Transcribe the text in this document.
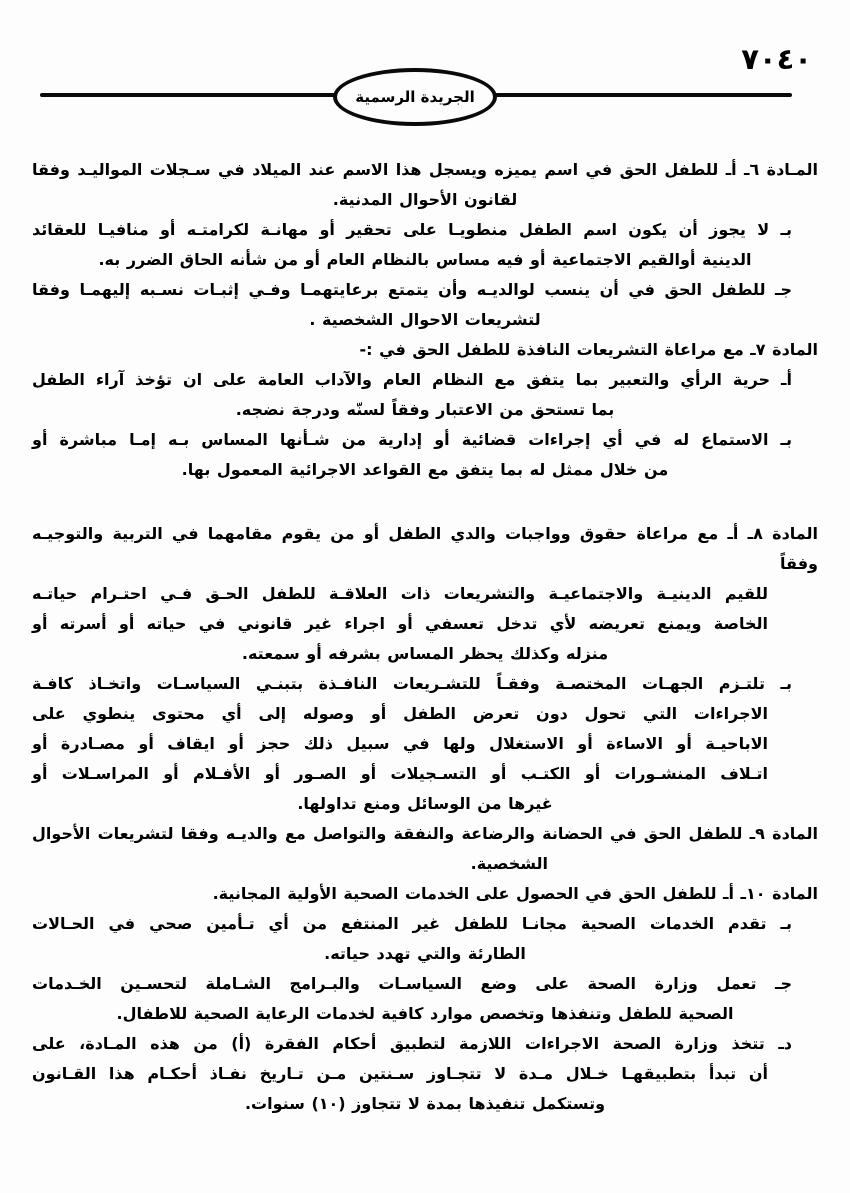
٧٠٤٠
الجريدة الرسمية
المـادة ٦ـ أـ للطفل الحق في اسم يميزه ويسجل هذا الاسم عند الميلاد في سـجلات المواليـد وفقا
لقانون الأحوال المدنية.
بـ لا يجوز أن يكون اسم الطفل منطويـا على تحقير أو مهانـة لكرامتـه أو منافيـا للعقائد
الدينية أوالقيم الاجتماعية أو فيه مساس بالنظام العام أو من شأنه الحاق الضرر به.
جـ للطفل الحق في أن ينسب لوالديـه وأن يتمتع برعايتهمـا وفـي إثبـات نسـبه إليهمـا وفقا
لتشريعات الاحوال الشخصية .
المادة ٧ـ مع مراعاة التشريعات النافذة للطفل الحق في :-
أـ حرية الرأي والتعبير بما يتفق مع النظام العام والآداب العامة على ان تؤخذ آراء الطفل
بما تستحق من الاعتبار وفقاً لسنّه ودرجة نضجه.
بـ الاستماع له في أي إجراءات قضائية أو إدارية من شـأنها المساس بـه إمـا مباشرة أو
من خلال ممثل له بما يتفق مع القواعد الاجرائية المعمول بها.
المادة ٨ـ أـ مع مراعاة حقوق وواجبات والدي الطفل أو من يقوم مقامهما في التربية والتوجيـه وفقاً
للقيم الدينيـة والاجتماعيـة والتشريعات ذات العلاقـة للطفل الحـق فـي احتـرام حياتـه
الخاصة ويمنع تعريضه لأي تدخل تعسفي أو اجراء غير قانوني في حياته أو أسرته أو
منزله وكذلك يحظر المساس بشرفه أو سمعته.
بـ تلتـزم الجهـات المختصـة وفقـاً للتشـريعات النافـذة بتبنـي السياسـات واتخـاذ كافـة
الاجراءات التي تحول دون تعرض الطفل أو وصوله إلى أي محتوى ينطوي على
الاباحيـة أو الاساءة أو الاستغلال ولها في سبيل ذلك حجز أو ايقاف أو مصـادرة أو
اتـلاف المنشـورات أو الكتـب أو التسـجيلات أو الصـور أو الأفـلام أو المراسـلات أو
غيرها من الوسائل ومنع تداولها.
المادة ٩ـ للطفل الحق في الحضانة والرضاعة والنفقة والتواصل مع والديـه وفقا لتشريعات الأحوال
الشخصية.
المادة ١٠ـ أـ للطفل الحق في الحصول على الخدمات الصحية الأولية المجانية.
بـ تقدم الخدمات الصحية مجانـا للطفل غير المنتفع من أي تـأمين صحي في الحـالات
الطارئة والتي تهدد حياته.
جـ تعمل وزارة الصحة على وضع السياسـات والبـرامج الشـاملة لتحسـين الخـدمات
الصحية للطفل وتنفذها وتخصص موارد كافية لخدمات الرعاية الصحية للاطفال.
دـ تتخذ وزارة الصحة الاجراءات اللازمة لتطبيق أحكام الفقرة (أ) من هذه المـادة، على
أن تبدأ بتطبيقهـا خـلال مـدة لا تتجـاوز سـنتين مـن تـاريخ نفـاذ أحكـام هذا القـانون
وتستكمل تنفيذها بمدة لا تتجاوز (١٠) سنوات.
